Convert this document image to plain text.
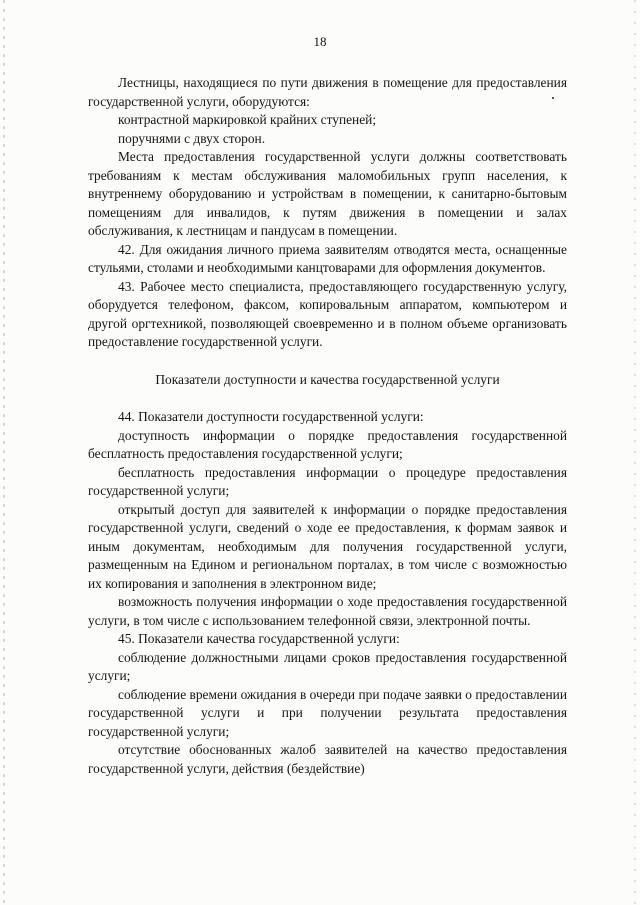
18

Лестницы, находящиеся по пути движения в помещение для предоставления государственной услуги, оборудуются:

контрастной маркировкой крайних ступеней;

поручнями с двух сторон.

Места предоставления государственной услуги должны соответствовать требованиям к местам обслуживания маломобильных групп населения, к внутреннему оборудованию и устройствам в помещении, к санитарно-бытовым помещениям для инвалидов, к путям движения в помещении и залах обслуживания, к лестницам и пандусам в помещении.

42. Для ожидания личного приема заявителям отводятся места, оснащенные стульями, столами и необходимыми канцтоварами для оформления документов.

43. Рабочее место специалиста, предоставляющего государственную услугу, оборудуется телефоном, факсом, копировальным аппаратом, компьютером и другой оргтехникой, позволяющей своевременно и в полном объеме организовать предоставление государственной услуги.

Показатели доступности и качества государственной услуги

44. Показатели доступности государственной услуги:

доступность информации о порядке предоставления государственной бесплатность предоставления государственной услуги;

бесплатность предоставления информации о процедуре предоставления государственной услуги;

открытый доступ для заявителей к информации о порядке предоставления государственной услуги, сведений о ходе ее предоставления, к формам заявок и иным документам, необходимым для получения государственной услуги, размещенным на Едином и региональном порталах, в том числе с возможностью их копирования и заполнения в электронном виде;

возможность получения информации о ходе предоставления государственной услуги, в том числе с использованием телефонной связи, электронной почты.

45. Показатели качества государственной услуги:

соблюдение должностными лицами сроков предоставления государственной услуги;

соблюдение времени ожидания в очереди при подаче заявки о предоставлении государственной услуги и при получении результата предоставления государственной услуги;

отсутствие обоснованных жалоб заявителей на качество предоставления государственной услуги, действия (бездействие)
